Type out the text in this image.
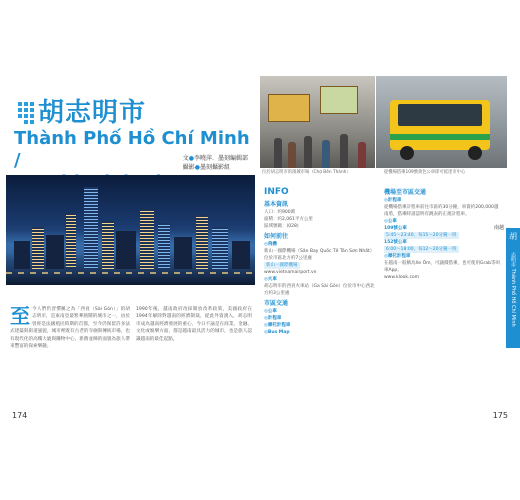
胡志明市
Thành Phố Hồ Chí Minh /	文●李曉萍．墨刻編輯部
攝影●墨刻攝影組
至 今人們仍習慣稱之為「西貢（Sài Gòn）」的胡志明市，是東南亞最繁華熱鬧的城市之一，由於曾經是法國殖民時期的首都，至今仍保留許多法式建築與街道風貌，城市裡既有古老的寺廟與傳統市場，也有現代化的高樓大廈與購物中心，新舊並陳的面貌為旅人帶來豐富的探索樂趣。
1990年後，越南政府改採開放改革政策，美國政府在1994年解除對越南的經濟制裁，從此外資湧入，胡志明市成為越南經濟發展的重心，今日不論是在商業、金融、文化或娛樂方面，都是越南最具活力的城市，也是旅人認識越南的最佳起點。
174
位於胡志明市的濱城市場（Chợ Bến Thành）	從機場搭乘109號黃色公車即可抵達市中心
INFO
基本資訊
人口：約900萬
面積：約2,061平方公里
區域號碼：(028)
如何前往
◎飛機
新山一國際機場（Sân Bay Quốc Tế Tân Sơn Nhất）位於市區北方約7公里處
新山一國際機場
www.vietnamairport.vn
◎火車
胡志明市的西貢火車站（Ga Sài Gòn）位於市中心西北方約3公里處
市區交通
◎公車
◎計程車
◎摩托計程車
◎Bus Map
機場至市區交通
◎計程車
從機場搭乘計程車前往市區約30分鐘，車資約200,000越南盾，搭乘時請認明有跳表的正規計程車。
◎公車
109號公車
5:45～23:40，每15～20分鐘一班
152號公車
6:00～18:00，每12～20分鐘一班
◎摩托計程車
在越南一般稱為Xe Ôm，可議價搭乘，也可使用Grab等叫車App。
www.klook.com
南越
胡
志明市 Thành Phố Hồ Chí Minh
175
